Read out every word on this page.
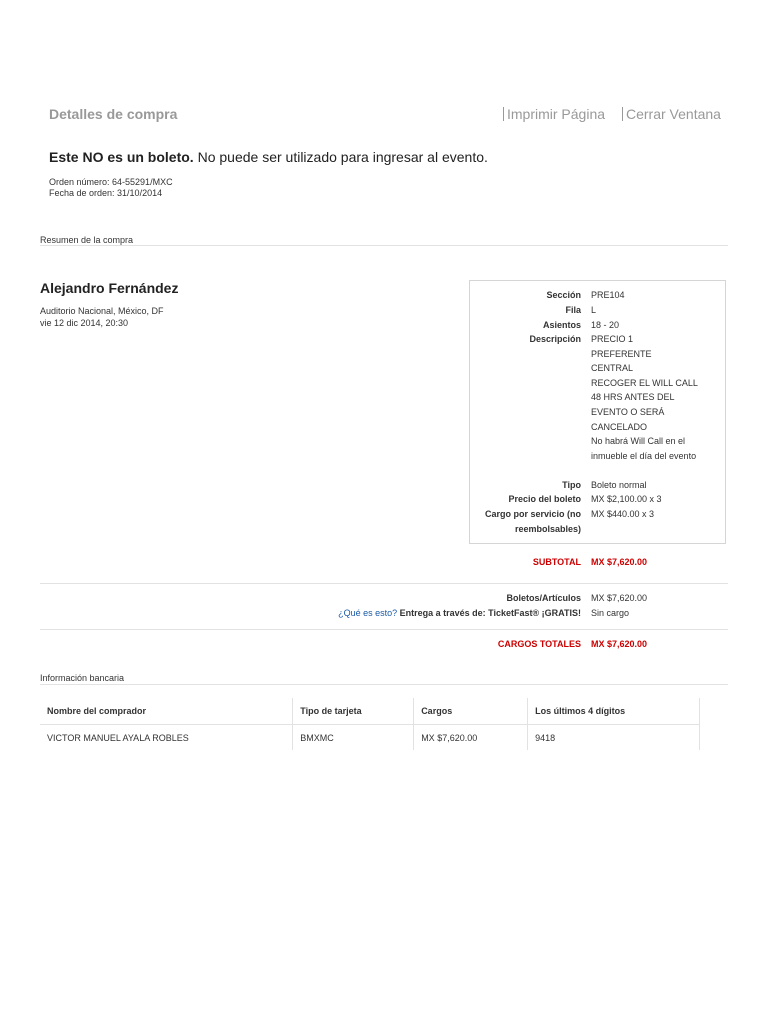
Detalles de compra	Imprimir Página Cerrar Ventana
Este NO es un boleto. No puede ser utilizado para ingresar al evento.
Orden número: 64-55291/MXC
Fecha de orden: 31/10/2014
Resumen de la compra
Alejandro Fernández
Auditorio Nacional, México, DF
vie 12 dic 2014, 20:30
Sección PRE104
Fila L
Asientos 18 - 20
Descripción PRECIO 1
PREFERENTE
CENTRAL
RECOGER EL WILL CALL
48 HRS ANTES DEL
EVENTO O SERÁ
CANCELADO
No habrá Will Call en el
inmueble el día del evento
Tipo Boleto normal
Precio del boleto MX $2,100.00 x 3
Cargo por servicio (no
reembolsables)
MX $440.00 x 3
SUBTOTAL MX $7,620.00
Boletos/Artículos MX $7,620.00
¿Qué es esto? Entrega a través de: TicketFast® ¡GRATIS! Sin cargo
CARGOS TOTALES MX $7,620.00
Información bancaria
Nombre del comprador	Tipo de tarjeta	Cargos	Los últimos 4 dígitos
VICTOR MANUEL AYALA ROBLES	BMXMC	MX $7,620.00	9418
